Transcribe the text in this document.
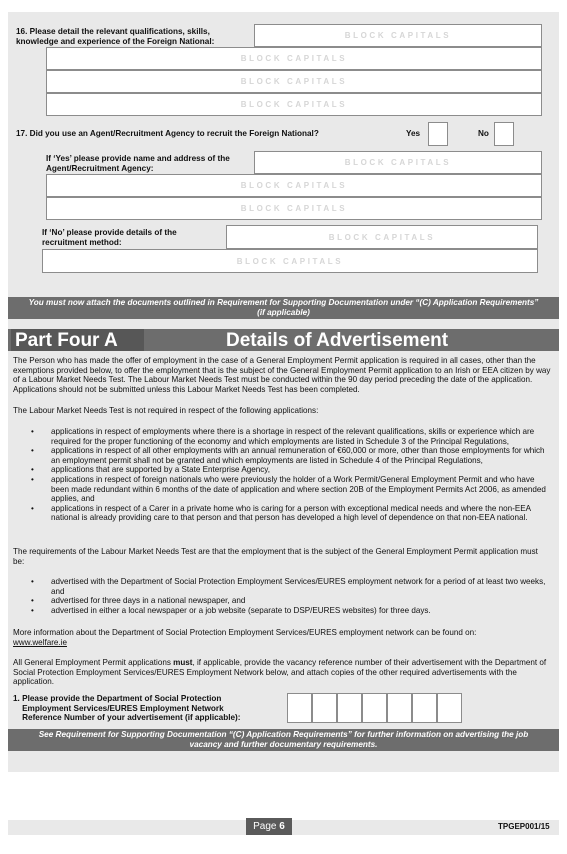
16. Please detail the relevant qualifications, skills,
knowledge and experience of the Foreign National:
BLOCK CAPITALS
BLOCK CAPITALS
BLOCK CAPITALS
BLOCK CAPITALS
17. Did you use an Agent/Recruitment Agency to recruit the Foreign National?	Yes	No
If ‘Yes’ please provide name and address of the
Agent/Recruitment Agency:
BLOCK CAPITALS
BLOCK CAPITALS
BLOCK CAPITALS
If ‘No’ please provide details of the
recruitment method:
BLOCK CAPITALS
BLOCK CAPITALS
You must now attach the documents outlined in Requirement for Supporting Documentation under “(C) Application Requirements”
(if applicable)
Part Four A	Details of Advertisement

The Person who has made the offer of employment in the case of a General Employment Permit application is required in all cases, other than the exemptions provided below, to offer the employment that is the subject of the General Employment Permit application to an Irish or EEA citizen by way of a Labour Market Needs Test. The Labour Market Needs Test must be conducted within the 90 day period preceding the date of the application. Applications should not be submitted unless this Labour Market Needs Test has been completed.

The Labour Market Needs Test is not required in respect of the following applications:

• applications in respect of employments where there is a shortage in respect of the relevant qualifications, skills or experience which are required for the proper functioning of the economy and which employments are listed in Schedule 3 of the Principal Regulations,
• applications in respect of all other employments with an annual remuneration of €60,000 or more, other than those employments for which an employment permit shall not be granted and which employments are listed in Schedule 4 of the Principal Regulations,
• applications that are supported by a State Enterprise Agency,
• applications in respect of foreign nationals who were previously the holder of a Work Permit/General Employment Permit and who have been made redundant within 6 months of the date of application and where section 20B of the Employment Permits Act 2006, as amended applies, and
• applications in respect of a Carer in a private home who is caring for a person with exceptional medical needs and where the non-EEA national is already providing care to that person and that person has developed a high level of dependence on that non-EEA national.

The requirements of the Labour Market Needs Test are that the employment that is the subject of the General Employment Permit application must be:

• advertised with the Department of Social Protection Employment Services/EURES employment network for a period of at least two weeks, and
• advertised for three days in a national newspaper, and
• advertised in either a local newspaper or a job website (separate to DSP/EURES websites) for three days.

More information about the Department of Social Protection Employment Services/EURES employment network can be found on:

www.welfare.ie

All General Employment Permit applications must, if applicable, provide the vacancy reference number of their advertisement with the Department of Social Protection Employment Services/EURES Employment Network below, and attach copies of the other required advertisements with the application.

1. Please provide the Department of Social Protection
Employment Services/EURES Employment Network
Reference Number of your advertisement (if applicable):
See Requirement for Supporting Documentation “(C) Application Requirements” for further information on advertising the job
vacancy and further documentary requirements.
Page 6	TPGEP001/15
